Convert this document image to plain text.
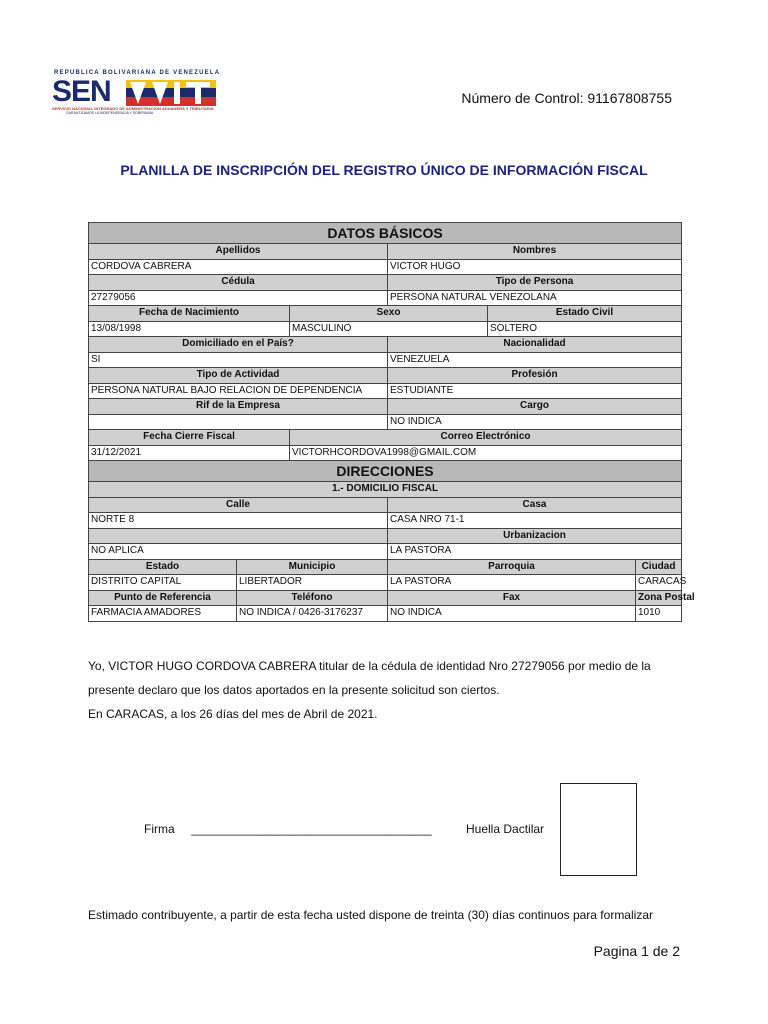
REPUBLICA BOLIVARIANA DE VENEZUELA
SEN
SERVICIO NACIONAL INTEGRADO DE ADMINISTRACION ADUANERA Y TRIBUTARIA
GARANTIZAMOS LA INDEPENDENCIA Y SOBERANIA
Número de Control: 91167808755
PLANILLA DE INSCRIPCIÓN DEL REGISTRO ÚNICO DE INFORMACIÓN FISCAL
DATOS BÁSICOS					
Apellidos			Nombres		
CORDOVA CABRERA			VICTOR HUGO		
Cédula			Tipo de Persona		
27279056			PERSONA NATURAL VENEZOLANA		
Fecha de Nacimiento		Sexo		Estado Civil	
13/08/1998		MASCULINO		SOLTERO	
Domiciliado en el País?			Nacionalidad		
SI			VENEZUELA		
Tipo de Actividad			Profesión		
PERSONA NATURAL BAJO RELACION DE DEPENDENCIA			ESTUDIANTE		
Rif de la Empresa			Cargo		
			NO INDICA		
Fecha Cierre Fiscal		Correo Electrónico			
31/12/2021		VICTORHCORDOVA1998@GMAIL.COM			
DIRECCIONES					
1.- DOMICILIO FISCAL					
Calle			Casa		
NORTE 8			CASA NRO 71-1		
			Urbanizacion		
NO APLICA			LA PASTORA		
Estado	Municipio		Parroquia		Ciudad
DISTRITO CAPITAL	LIBERTADOR		LA PASTORA		CARACAS
Punto de Referencia	Teléfono		Fax		Zona Postal
FARMACIA AMADORES	NO INDICA / 0426-3176237		NO INDICA		1010
Yo, VICTOR HUGO CORDOVA CABRERA titular de la cédula de identidad Nro 27279056 por medio de la
presente declaro que los datos aportados en la presente solicitud son ciertos.
En CARACAS, a los 26 días del mes de Abril de 2021.
Firma ____________________________________	Huella Dactilar
Estimado contribuyente, a partir de esta fecha usted dispone de treinta (30) días continuos para formalizar
Pagina 1 de 2
